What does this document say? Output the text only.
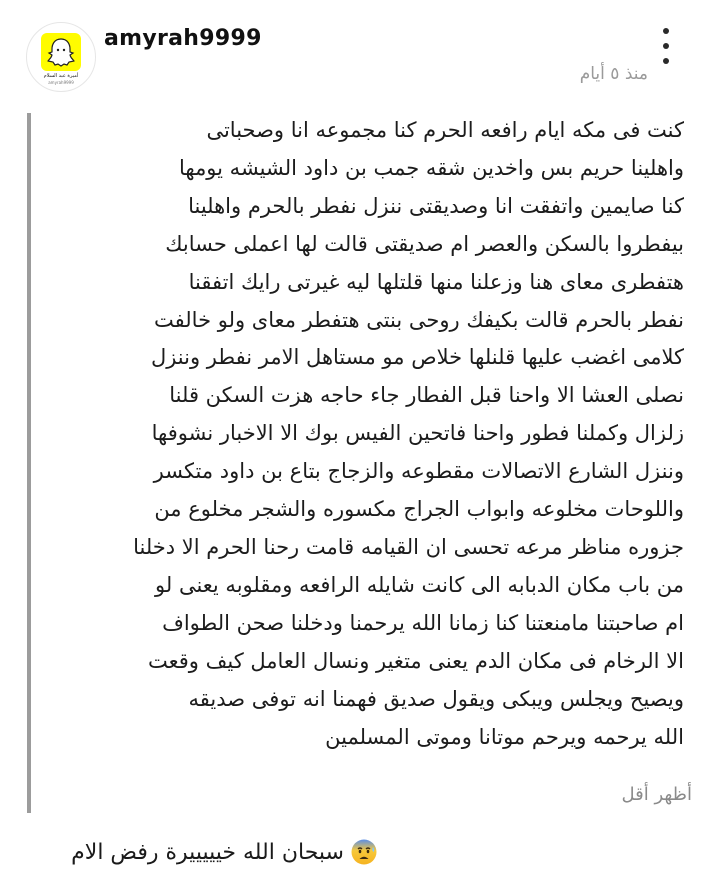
أميرة عبد السلام
amyrah9999
amyrah9999
منذ ٥ أيام
كنت فى مكه ايام رافعه الحرم كنا مجموعه انا وصحباتى
واهلينا حريم بس واخدين شقه جمب بن داود الشيشه يومها
كنا صايمين واتفقت انا وصديقتى ننزل نفطر بالحرم واهلينا
بيفطروا بالسكن والعصر ام صديقتى قالت لها اعملى حسابك
هتفطرى معاى هنا وزعلنا منها قلتلها ليه غيرتى رايك اتفقنا
نفطر بالحرم قالت بكيفك روحى بنتى هتفطر معاى ولو خالفت
كلامى اغضب عليها قلنلها خلاص مو مستاهل الامر نفطر وننزل
نصلى العشا الا واحنا قبل الفطار جاء حاجه هزت السكن قلنا
زلزال وكملنا فطور واحنا فاتحين الفيس بوك الا الاخبار نشوفها
وننزل الشارع الاتصالات مقطوعه والزجاج بتاع بن داود متكسر
واللوحات مخلوعه وابواب الجراج مكسوره والشجر مخلوع من
جزوره مناظر مرعه تحسى ان القيامه قامت رحنا الحرم الا دخلنا
من باب مكان الدبابه الى كانت شايله الرافعه ومقلوبه يعنى لو
ام صاحبتنا مامنعتنا كنا زمانا الله يرحمنا ودخلنا صحن الطواف
الا الرخام فى مكان الدم يعنى متغير ونسال العامل كيف وقعت
ويصيح ويجلس ويبكى ويقول صديق فهمنا انه توفى صديقه
الله يرحمه ويرحم موتانا وموتى المسلمين
أظهر أقل
سبحان الله خيييييرة رفض الام
